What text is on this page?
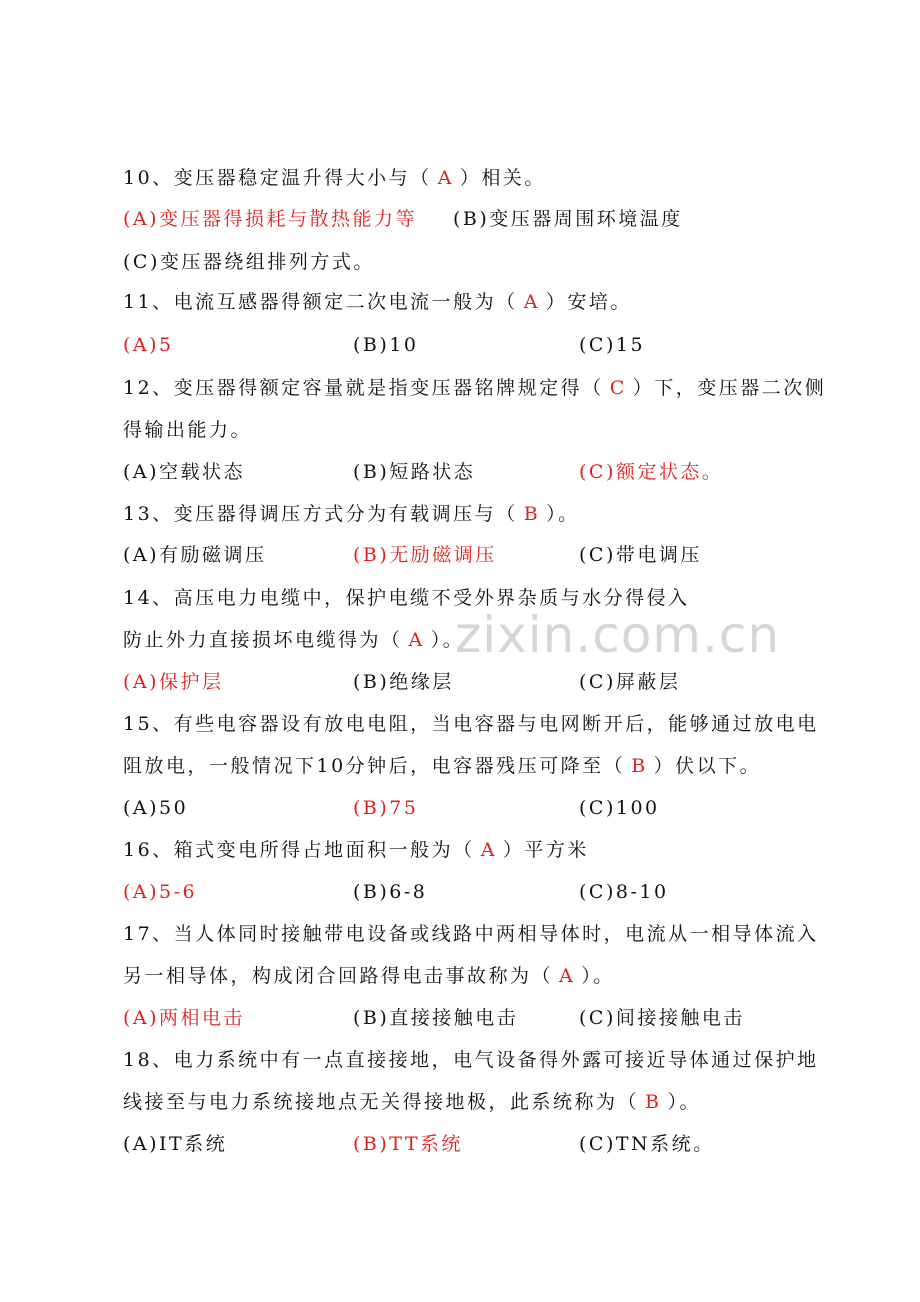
zixin.com.cn
10、变压器稳定温升得大小与（ A ）相关。
(A)变压器得损耗与散热能力等 (B)变压器周围环境温度
(C)变压器绕组排列方式。
11、电流互感器得额定二次电流一般为（ A ）安培。
(A)5	(B)10	(C)15
12、变压器得额定容量就是指变压器铭牌规定得（ C ）下，变压器二次侧
得输出能力。
(A)空载状态	(B)短路状态	(C)额定状态。
13、变压器得调压方式分为有载调压与（ B ）。
(A)有励磁调压	(B)无励磁调压	(C)带电调压
14、高压电力电缆中，保护电缆不受外界杂质与水分得侵入
防止外力直接损坏电缆得为（ A ）。
(A)保护层	(B)绝缘层	(C)屏蔽层
15、有些电容器设有放电电阻，当电容器与电网断开后，能够通过放电电
阻放电，一般情况下10分钟后，电容器残压可降至（ B ）伏以下。
(A)50	(B)75	(C)100
16、箱式变电所得占地面积一般为（ A ）平方米
(A)5-6	(B)6-8	(C)8-10
17、当人体同时接触带电设备或线路中两相导体时，电流从一相导体流入
另一相导体，构成闭合回路得电击事故称为（ A ）。
(A)两相电击	(B)直接接触电击	(C)间接接触电击
18、电力系统中有一点直接接地，电气设备得外露可接近导体通过保护地
线接至与电力系统接地点无关得接地极，此系统称为（ B ）。
(A)IT系统	(B)TT系统	(C)TN系统。
